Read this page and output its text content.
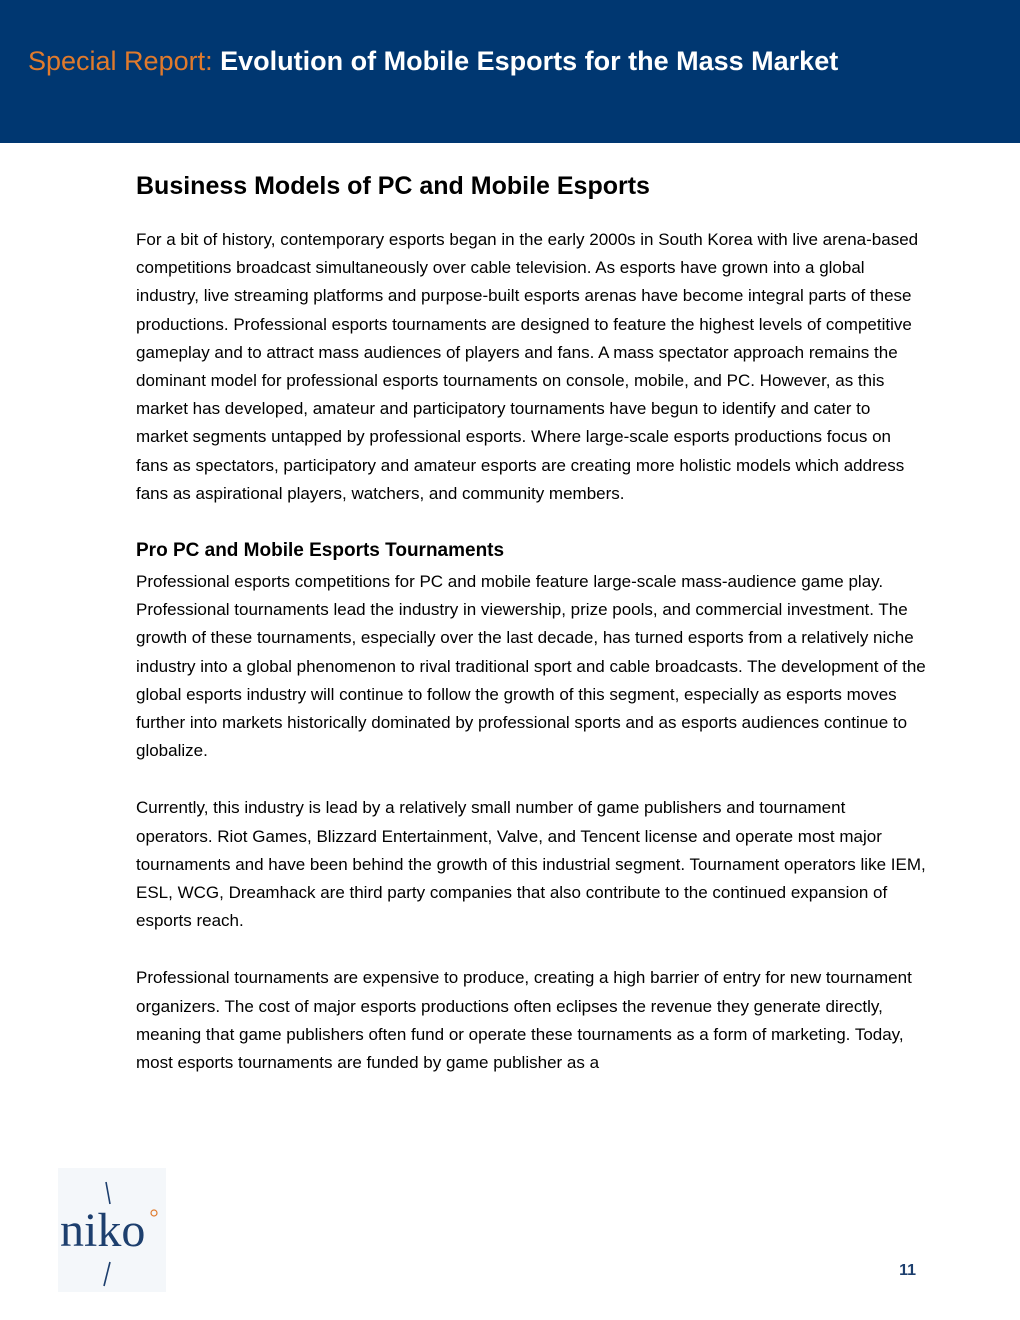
Special Report: Evolution of Mobile Esports for the Mass Market
Business Models of PC and Mobile Esports

For a bit of history, contemporary esports began in the early 2000s in South Korea with live arena-based competitions broadcast simultaneously over cable television. As esports have grown into a global industry, live streaming platforms and purpose-built esports arenas have become integral parts of these productions. Professional esports tournaments are designed to feature the highest levels of competitive gameplay and to attract mass audiences of players and fans. A mass spectator approach remains the dominant model for professional esports tournaments on console, mobile, and PC. However, as this market has developed, amateur and participatory tournaments have begun to identify and cater to market segments untapped by professional esports. Where large-scale esports productions focus on fans as spectators, participatory and amateur esports are creating more holistic models which address fans as aspirational players, watchers, and community members.

Pro PC and Mobile Esports Tournaments

Professional esports competitions for PC and mobile feature large-scale mass-audience game play. Professional tournaments lead the industry in viewership, prize pools, and commercial investment. The growth of these tournaments, especially over the last decade, has turned esports from a relatively niche industry into a global phenomenon to rival traditional sport and cable broadcasts. The development of the global esports industry will continue to follow the growth of this segment, especially as esports moves further into markets historically dominated by professional sports and as esports audiences continue to globalize.

Currently, this industry is lead by a relatively small number of game publishers and tournament operators. Riot Games, Blizzard Entertainment, Valve, and Tencent license and operate most major tournaments and have been behind the growth of this industrial segment. Tournament operators like IEM, ESL, WCG, Dreamhack are third party companies that also contribute to the continued expansion of esports reach.

Professional tournaments are expensive to produce, creating a high barrier of entry for new tournament organizers. The cost of major esports productions often eclipses the revenue they generate directly, meaning that game publishers often fund or operate these tournaments as a form of marketing. Today, most esports tournaments are funded by game publisher as a

niko
11
